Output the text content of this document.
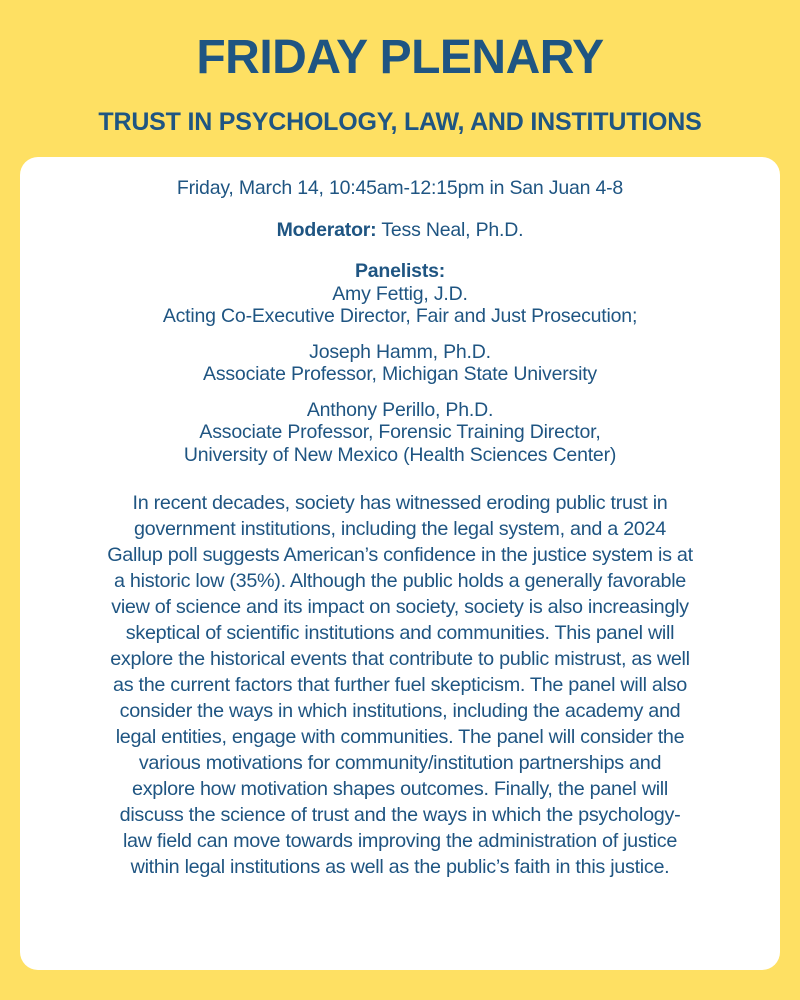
FRIDAY PLENARY
TRUST IN PSYCHOLOGY, LAW, AND INSTITUTIONS
Friday, March 14, 10:45am-12:15pm in San Juan 4-8
Moderator: Tess Neal, Ph.D.
Panelists:
Amy Fettig, J.D.
Acting Co-Executive Director, Fair and Just Prosecution;
Joseph Hamm, Ph.D.
Associate Professor, Michigan State University
Anthony Perillo, Ph.D.
Associate Professor, Forensic Training Director,
University of New Mexico (Health Sciences Center)
In recent decades, society has witnessed eroding public trust in
government institutions, including the legal system, and a 2024
Gallup poll suggests American’s confidence in the justice system is at
a historic low (35%). Although the public holds a generally favorable
view of science and its impact on society, society is also increasingly
skeptical of scientific institutions and communities. This panel will
explore the historical events that contribute to public mistrust, as well
as the current factors that further fuel skepticism. The panel will also
consider the ways in which institutions, including the academy and
legal entities, engage with communities. The panel will consider the
various motivations for community/institution partnerships and
explore how motivation shapes outcomes. Finally, the panel will
discuss the science of trust and the ways in which the psychology-
law field can move towards improving the administration of justice
within legal institutions as well as the public’s faith in this justice.
